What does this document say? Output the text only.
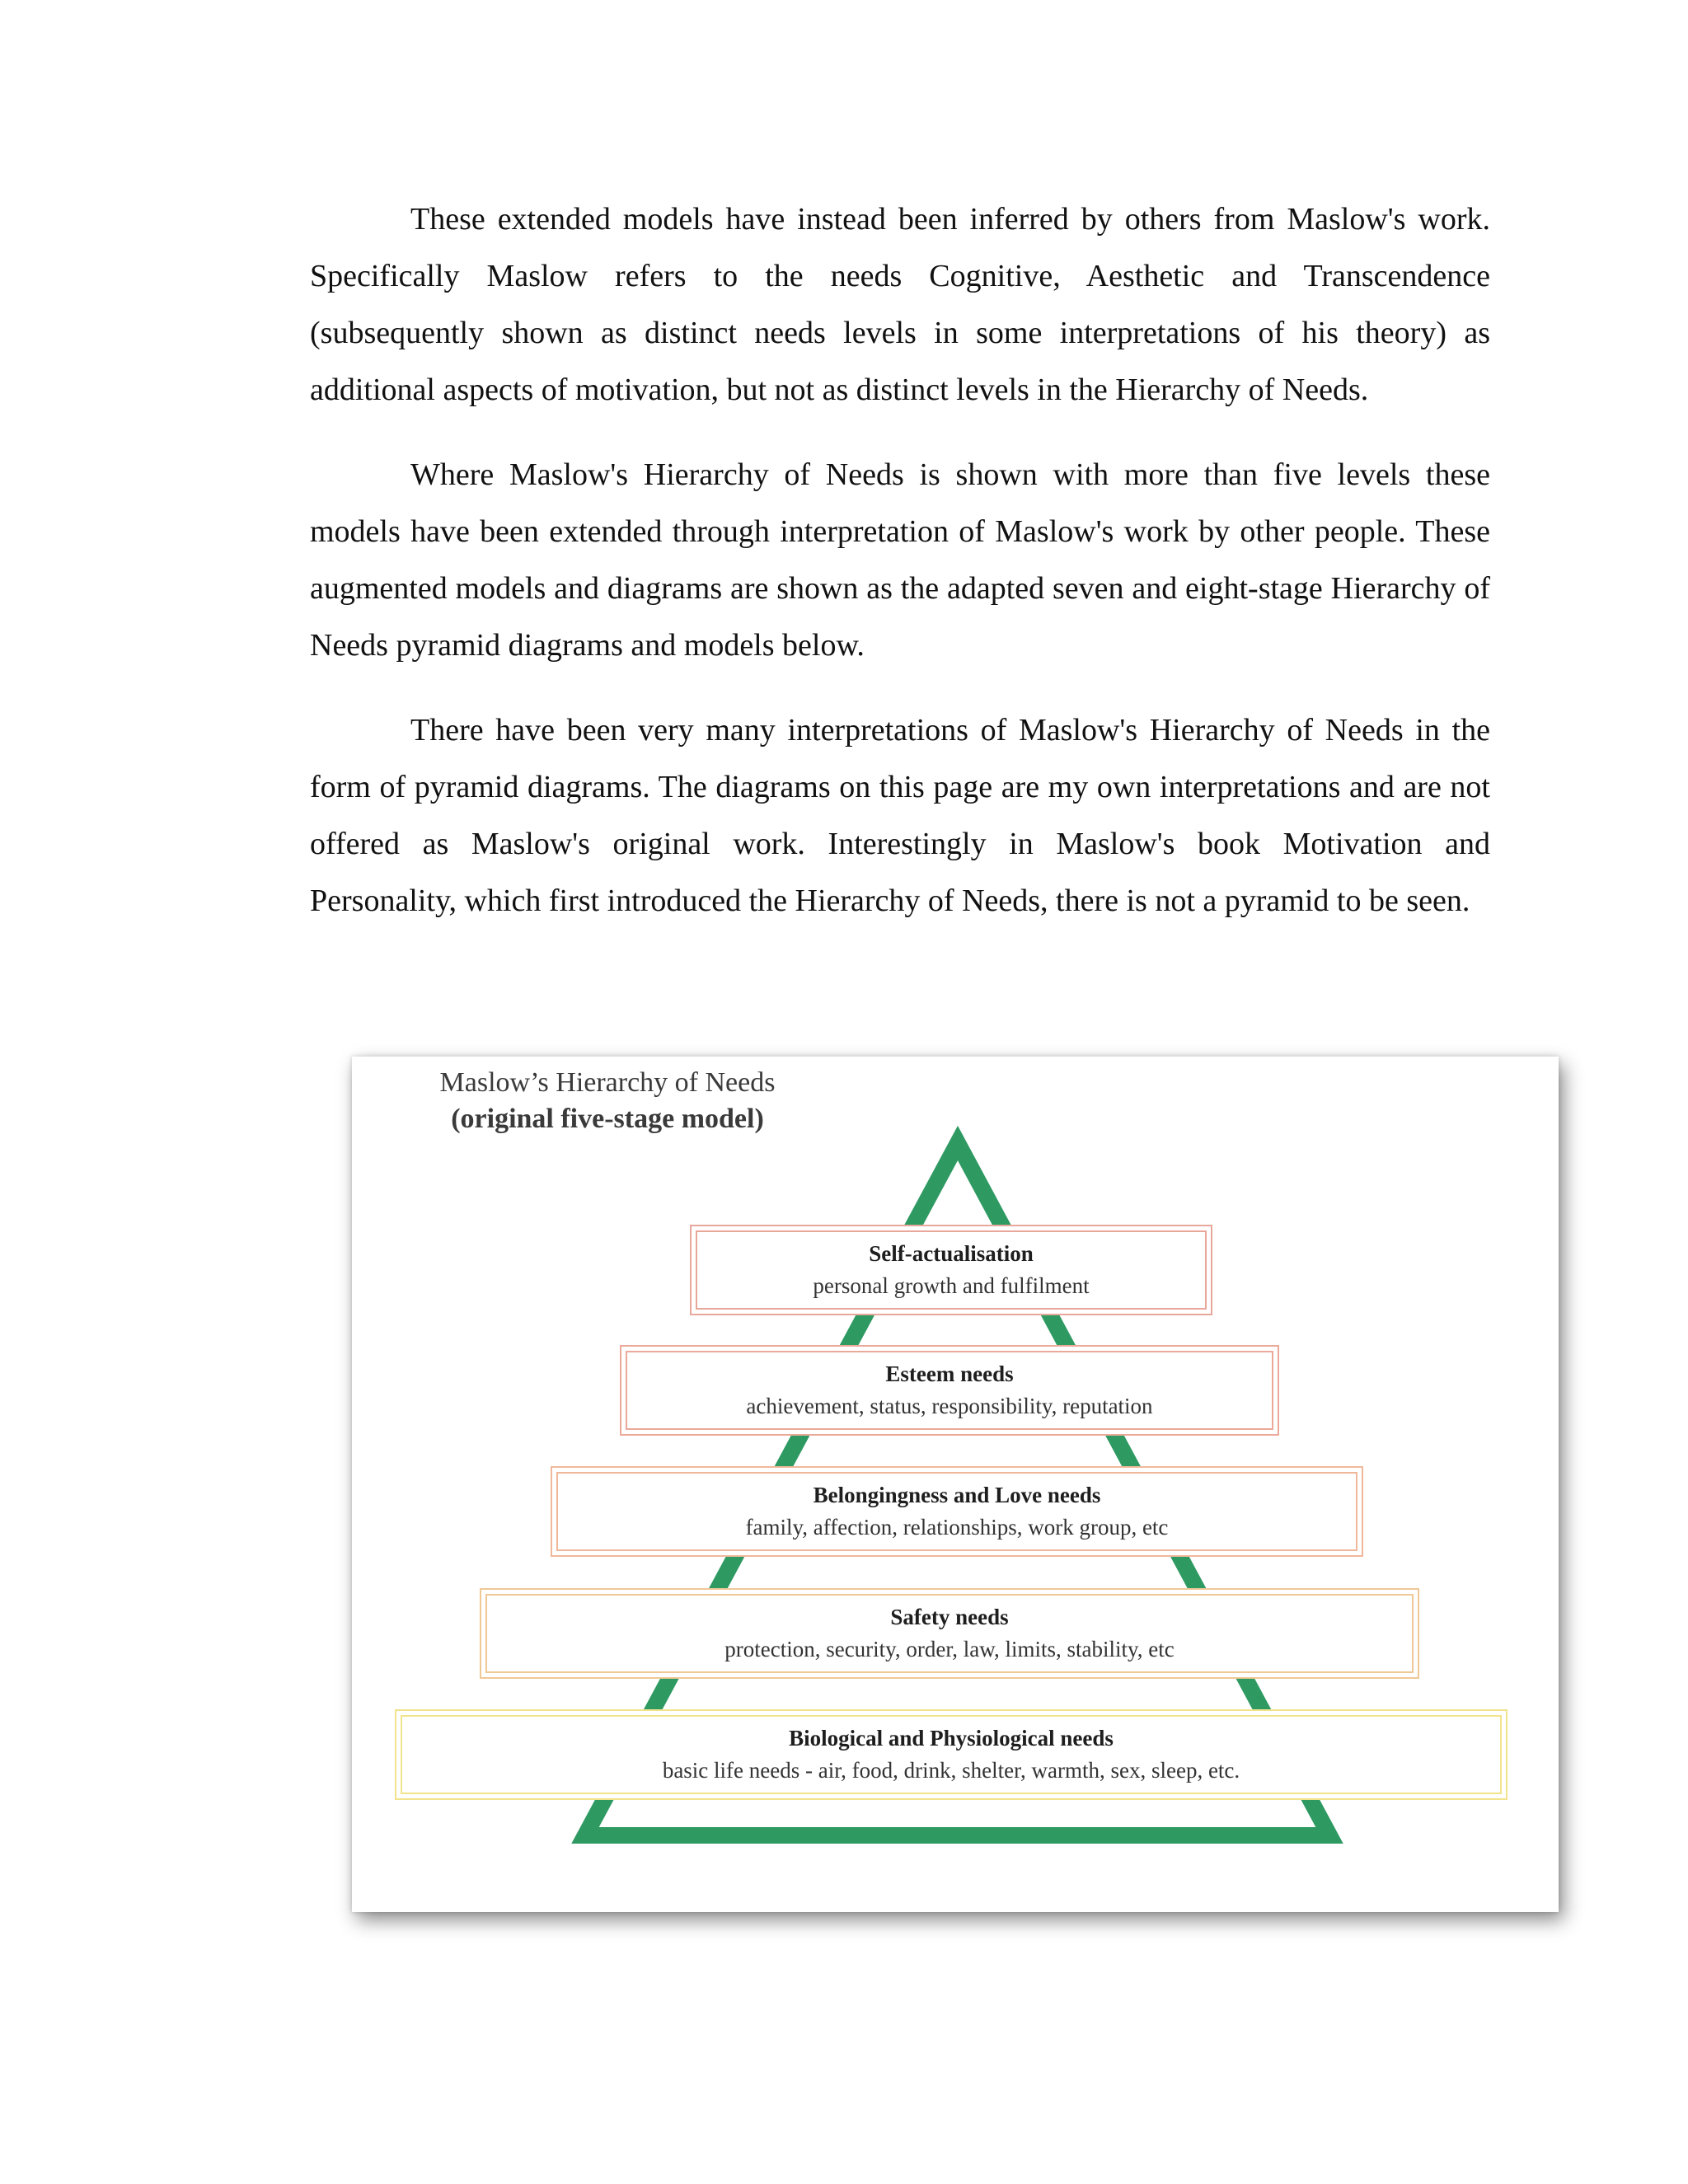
These extended models have instead been inferred by others from Maslow's work. Specifically Maslow refers to the needs Cognitive, Aesthetic and Transcendence (subsequently shown as distinct needs levels in some interpretations of his theory) as additional aspects of motivation, but not as distinct levels in the Hierarchy of Needs.

Where Maslow's Hierarchy of Needs is shown with more than five levels these models have been extended through interpretation of Maslow's work by other people. These augmented models and diagrams are shown as the adapted seven and eight-stage Hierarchy of Needs pyramid diagrams and models below.

There have been very many interpretations of Maslow's Hierarchy of Needs in the form of pyramid diagrams. The diagrams on this page are my own interpretations and are not offered as Maslow's original work. Interestingly in Maslow's book Motivation and Personality, which first introduced the Hierarchy of Needs, there is not a pyramid to be seen.

Maslow’s Hierarchy of Needs
(original five-stage model)
Self-actualisation
personal growth and fulfilment
Esteem needs
achievement, status, responsibility, reputation
Belongingness and Love needs
family, affection, relationships, work group, etc
Safety needs
protection, security, order, law, limits, stability, etc
Biological and Physiological needs
basic life needs - air, food, drink, shelter, warmth, sex, sleep, etc.
